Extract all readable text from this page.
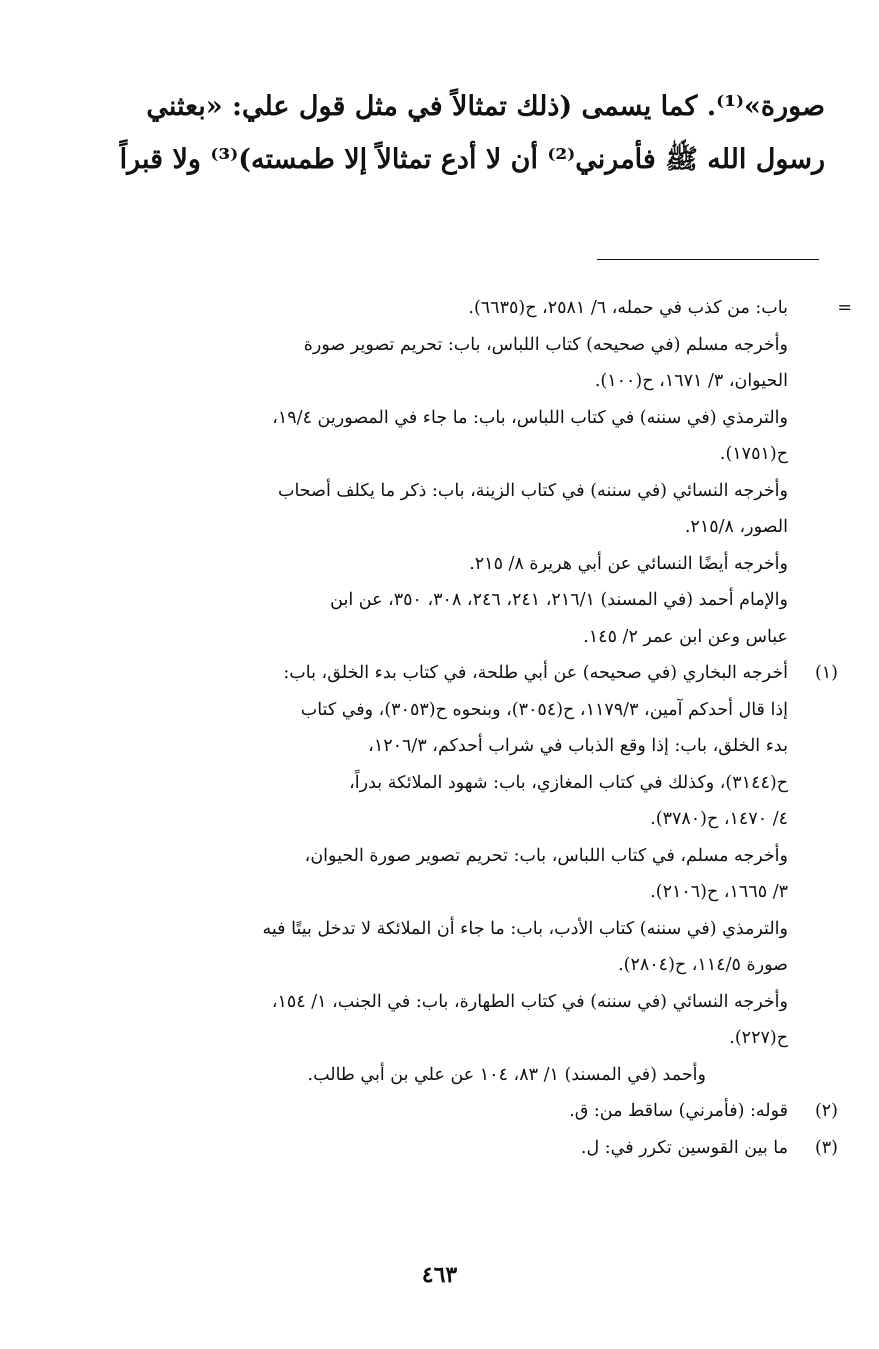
صورة»⁽¹⁾. كما يسمى (ذلك تمثالاً في مثل قول علي: «بعثني

رسول الله ﷺ فأمرني⁽²⁾ أن لا أدع تمثالاً إلا طمسته)⁽³⁾ ولا قبراً

=
باب: من كذب في حمله، ٦/ ٢٥٨١، ح(٦٦٣٥).
وأخرجه مسلم (في صحيحه) كتاب اللباس، باب: تحريم تصوير صورة
الحيوان، ٣/ ١٦٧١، ح(١٠٠).
والترمذي (في سننه) في كتاب اللباس، باب: ما جاء في المصورين ١٩/٤،
ح(١٧٥١).
وأخرجه النسائي (في سننه) في كتاب الزينة، باب: ذكر ما يكلف أصحاب
الصور، ٢١٥/٨.
وأخرجه أيضًا النسائي عن أبي هريرة ٨/ ٢١٥.
والإمام أحمد (في المسند) ٢١٦/١، ٢٤١، ٢٤٦، ٣٠٨، ٣٥٠، عن ابن
عباس وعن ابن عمر ٢/ ١٤٥.
(١)
أخرجه البخاري (في صحيحه) عن أبي طلحة، في كتاب بدء الخلق، باب:
إذا قال أحدكم آمين، ١١٧٩/٣، ح(٣٠٥٤)، وبنحوه ح(٣٠٥٣)، وفي كتاب
بدء الخلق، باب: إذا وقع الذباب في شراب أحدكم، ١٢٠٦/٣،
ح(٣١٤٤)، وكذلك في كتاب المغازي، باب: شهود الملائكة بدراً،
٤/ ١٤٧٠، ح(٣٧٨٠).
وأخرجه مسلم، في كتاب اللباس، باب: تحريم تصوير صورة الحيوان،
٣/ ١٦٦٥، ح(٢١٠٦).
والترمذي (في سننه) كتاب الأدب، باب: ما جاء أن الملائكة لا تدخل بيتًا فيه
صورة ١١٤/٥، ح(٢٨٠٤).
وأخرجه النسائي (في سننه) في كتاب الطهارة، باب: في الجنب، ١/ ١٥٤،
ح(٢٢٧).
وأحمد (في المسند) ١/ ٨٣، ١٠٤ عن علي بن أبي طالب.
(٢)
قوله: (فأمرني) ساقط من: ق.
(٣)
ما بين القوسين تكرر في: ل.
٤٦٣
